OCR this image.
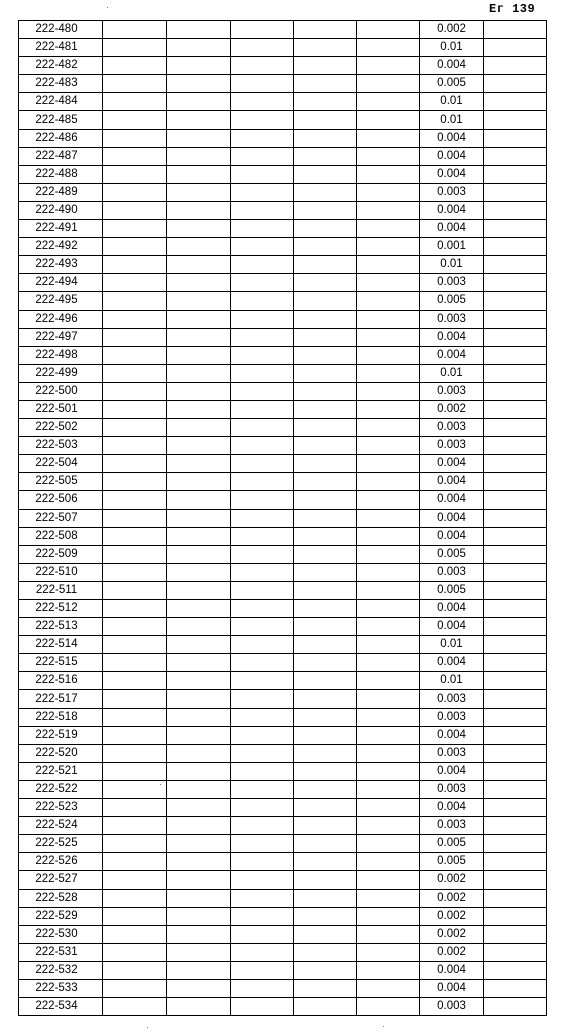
Ег 139
222-480						0.002	
222-481						0.01	
222-482						0.004	
222-483						0.005	
222-484						0.01	
222-485						0.01	
222-486						0.004	
222-487						0.004	
222-488						0.004	
222-489						0.003	
222-490						0.004	
222-491						0.004	
222-492						0.001	
222-493						0.01	
222-494						0.003	
222-495						0.005	
222-496						0.003	
222-497						0.004	
222-498						0.004	
222-499						0.01	
222-500						0.003	
222-501						0.002	
222-502						0.003	
222-503						0.003	
222-504						0.004	
222-505						0.004	
222-506						0.004	
222-507						0.004	
222-508						0.004	
222-509						0.005	
222-510						0.003	
222-511						0.005	
222-512						0.004	
222-513						0.004	
222-514						0.01	
222-515						0.004	
222-516						0.01	
222-517						0.003	
222-518						0.003	
222-519						0.004	
222-520						0.003	
222-521						0.004	
222-522						0.003	
222-523						0.004	
222-524						0.003	
222-525						0.005	
222-526						0.005	
222-527						0.002	
222-528						0.002	
222-529						0.002	
222-530						0.002	
222-531						0.002	
222-532						0.004	
222-533						0.004	
222-534						0.003	
